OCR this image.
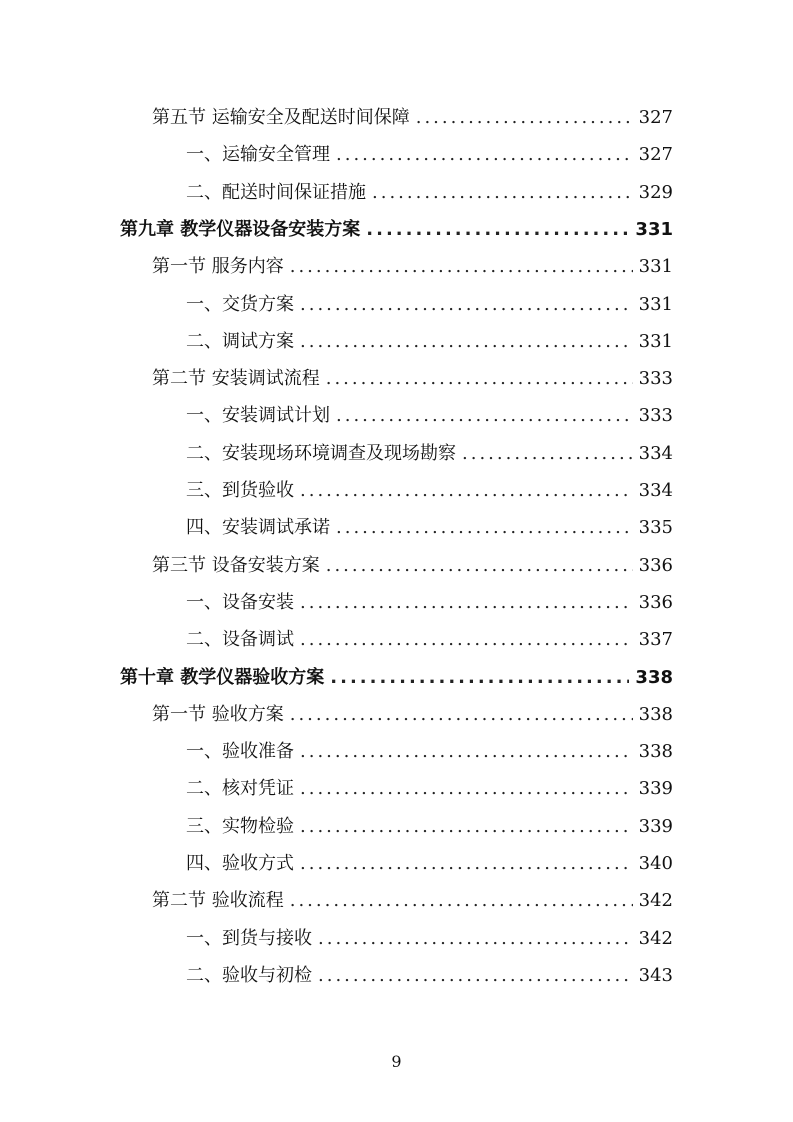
第五节 运输安全及配送时间保障 .....	327
一、运输安全管理 .....	327
二、配送时间保证措施 .....	329
第九章 教学仪器设备安装方案 .....	331
第一节 服务内容 .....	331
一、交货方案 .....	331
二、调试方案 .....	331
第二节 安装调试流程 .....	333
一、安装调试计划 .....	333
二、安装现场环境调查及现场勘察 .....	334
三、到货验收 .....	334
四、安装调试承诺 .....	335
第三节 设备安装方案 .....	336
一、设备安装 .....	336
二、设备调试 .....	337
第十章 教学仪器验收方案 .....	338
第一节 验收方案 .....	338
一、验收准备 .....	338
二、核对凭证 .....	339
三、实物检验 .....	339
四、验收方式 .....	340
第二节 验收流程 .....	342
一、到货与接收 .....	342
二、验收与初检 .....	343
9
